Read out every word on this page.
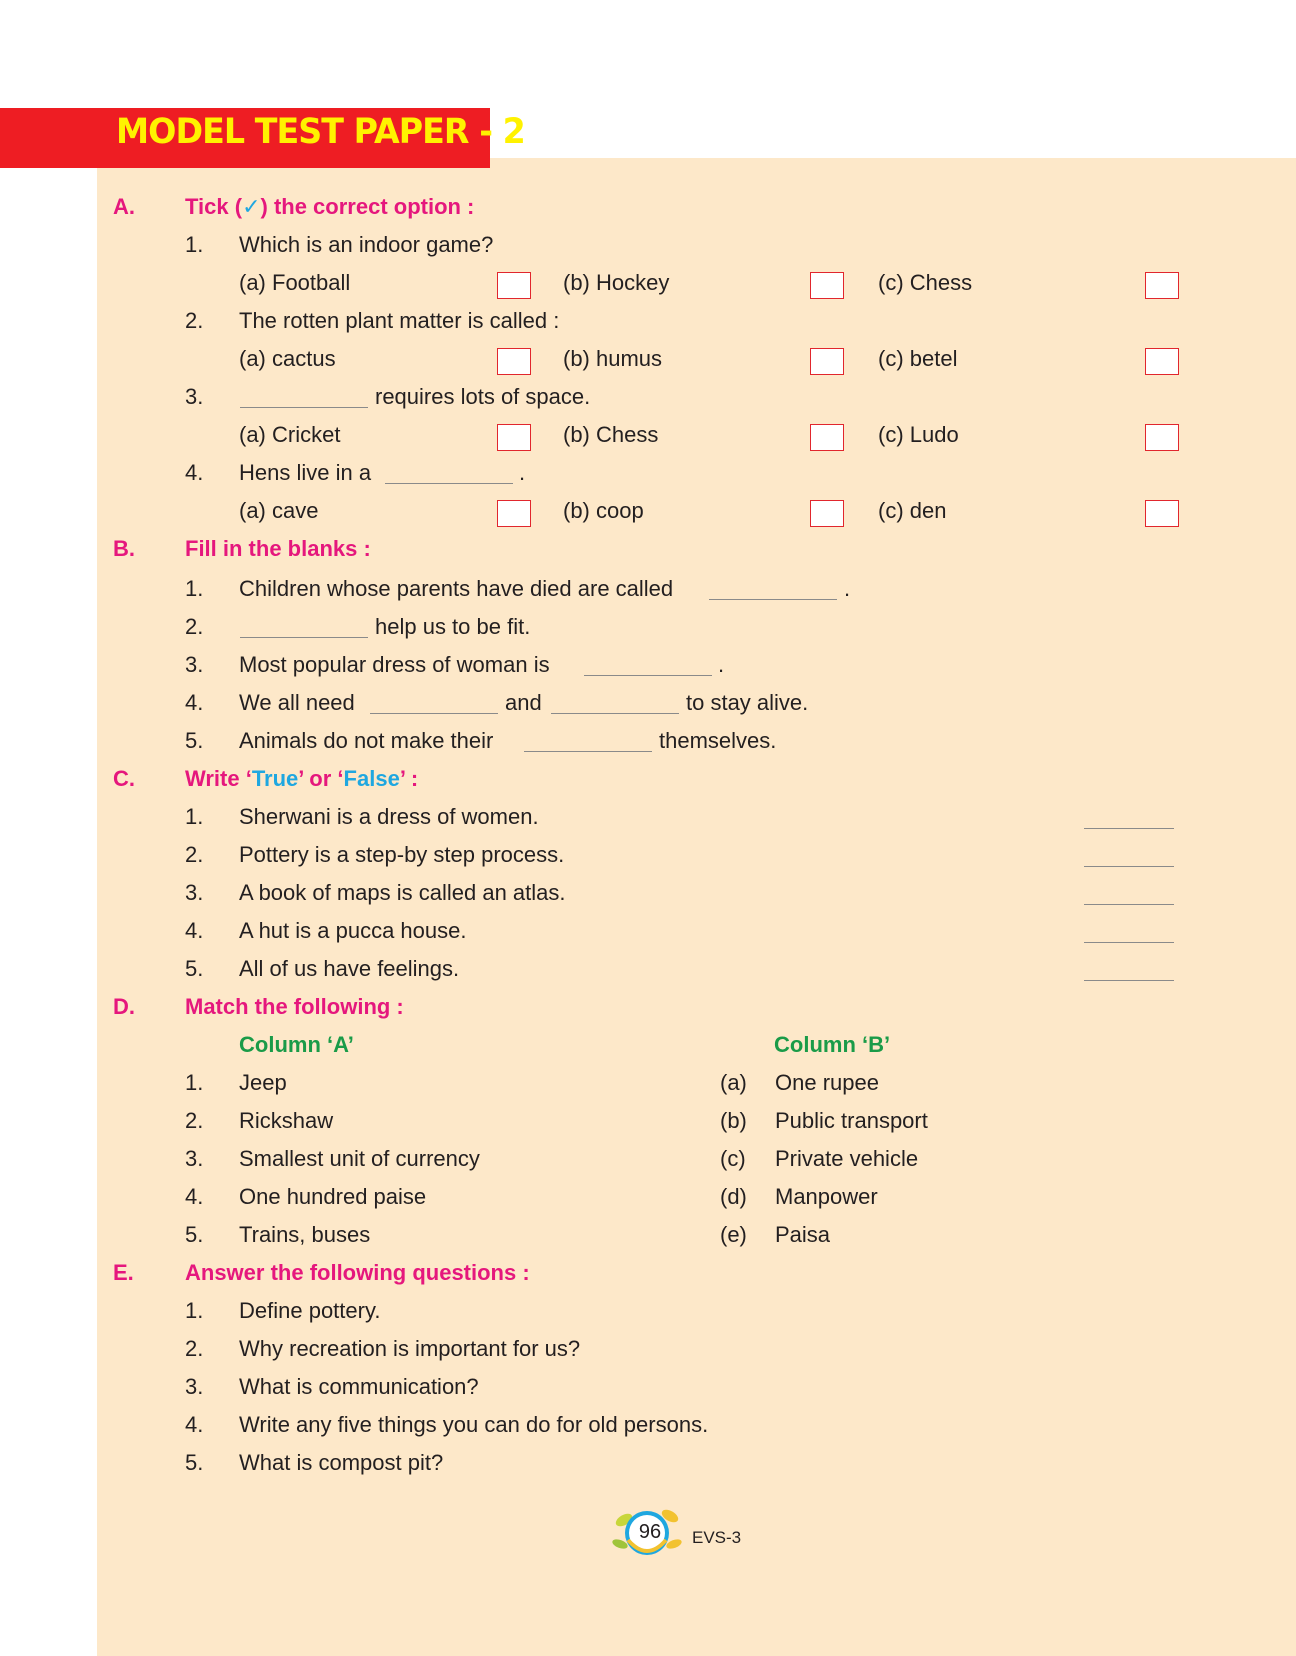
MODEL TEST PAPER - 2
A. Tick (✓) the correct option :
1. Which is an indoor game?
(a) Football	(b) Hockey	(c) Chess
2. The rotten plant matter is called :
(a) cactus	(b) humus	(c) betel
3.	requires lots of space.
(a) Cricket	(b) Chess	(c) Ludo
4. Hens live in a	.
(a) cave	(b) coop	(c) den
B. Fill in the blanks :
1. Children whose parents have died are called	.
2.	help us to be fit.
3. Most popular dress of woman is	.
4. We all need	and	to stay alive.
5. Animals do not make their	themselves.
C. Write ‘True’ or ‘False’ :
1. Sherwani is a dress of women.
2. Pottery is a step-by step process.
3. A book of maps is called an atlas.
4. A hut is a pucca house.
5. All of us have feelings.
D. Match the following :
Column ‘A’	Column ‘B’
1. Jeep	(a) One rupee
2. Rickshaw	(b) Public transport
3. Smallest unit of currency	(c) Private vehicle
4. One hundred paise	(d) Manpower
5. Trains, buses	(e) Paisa
E. Answer the following questions :
1. Define pottery.
2. Why recreation is important for us?
3. What is communication?
4. Write any five things you can do for old persons.
5. What is compost pit?
96	EVS-3
